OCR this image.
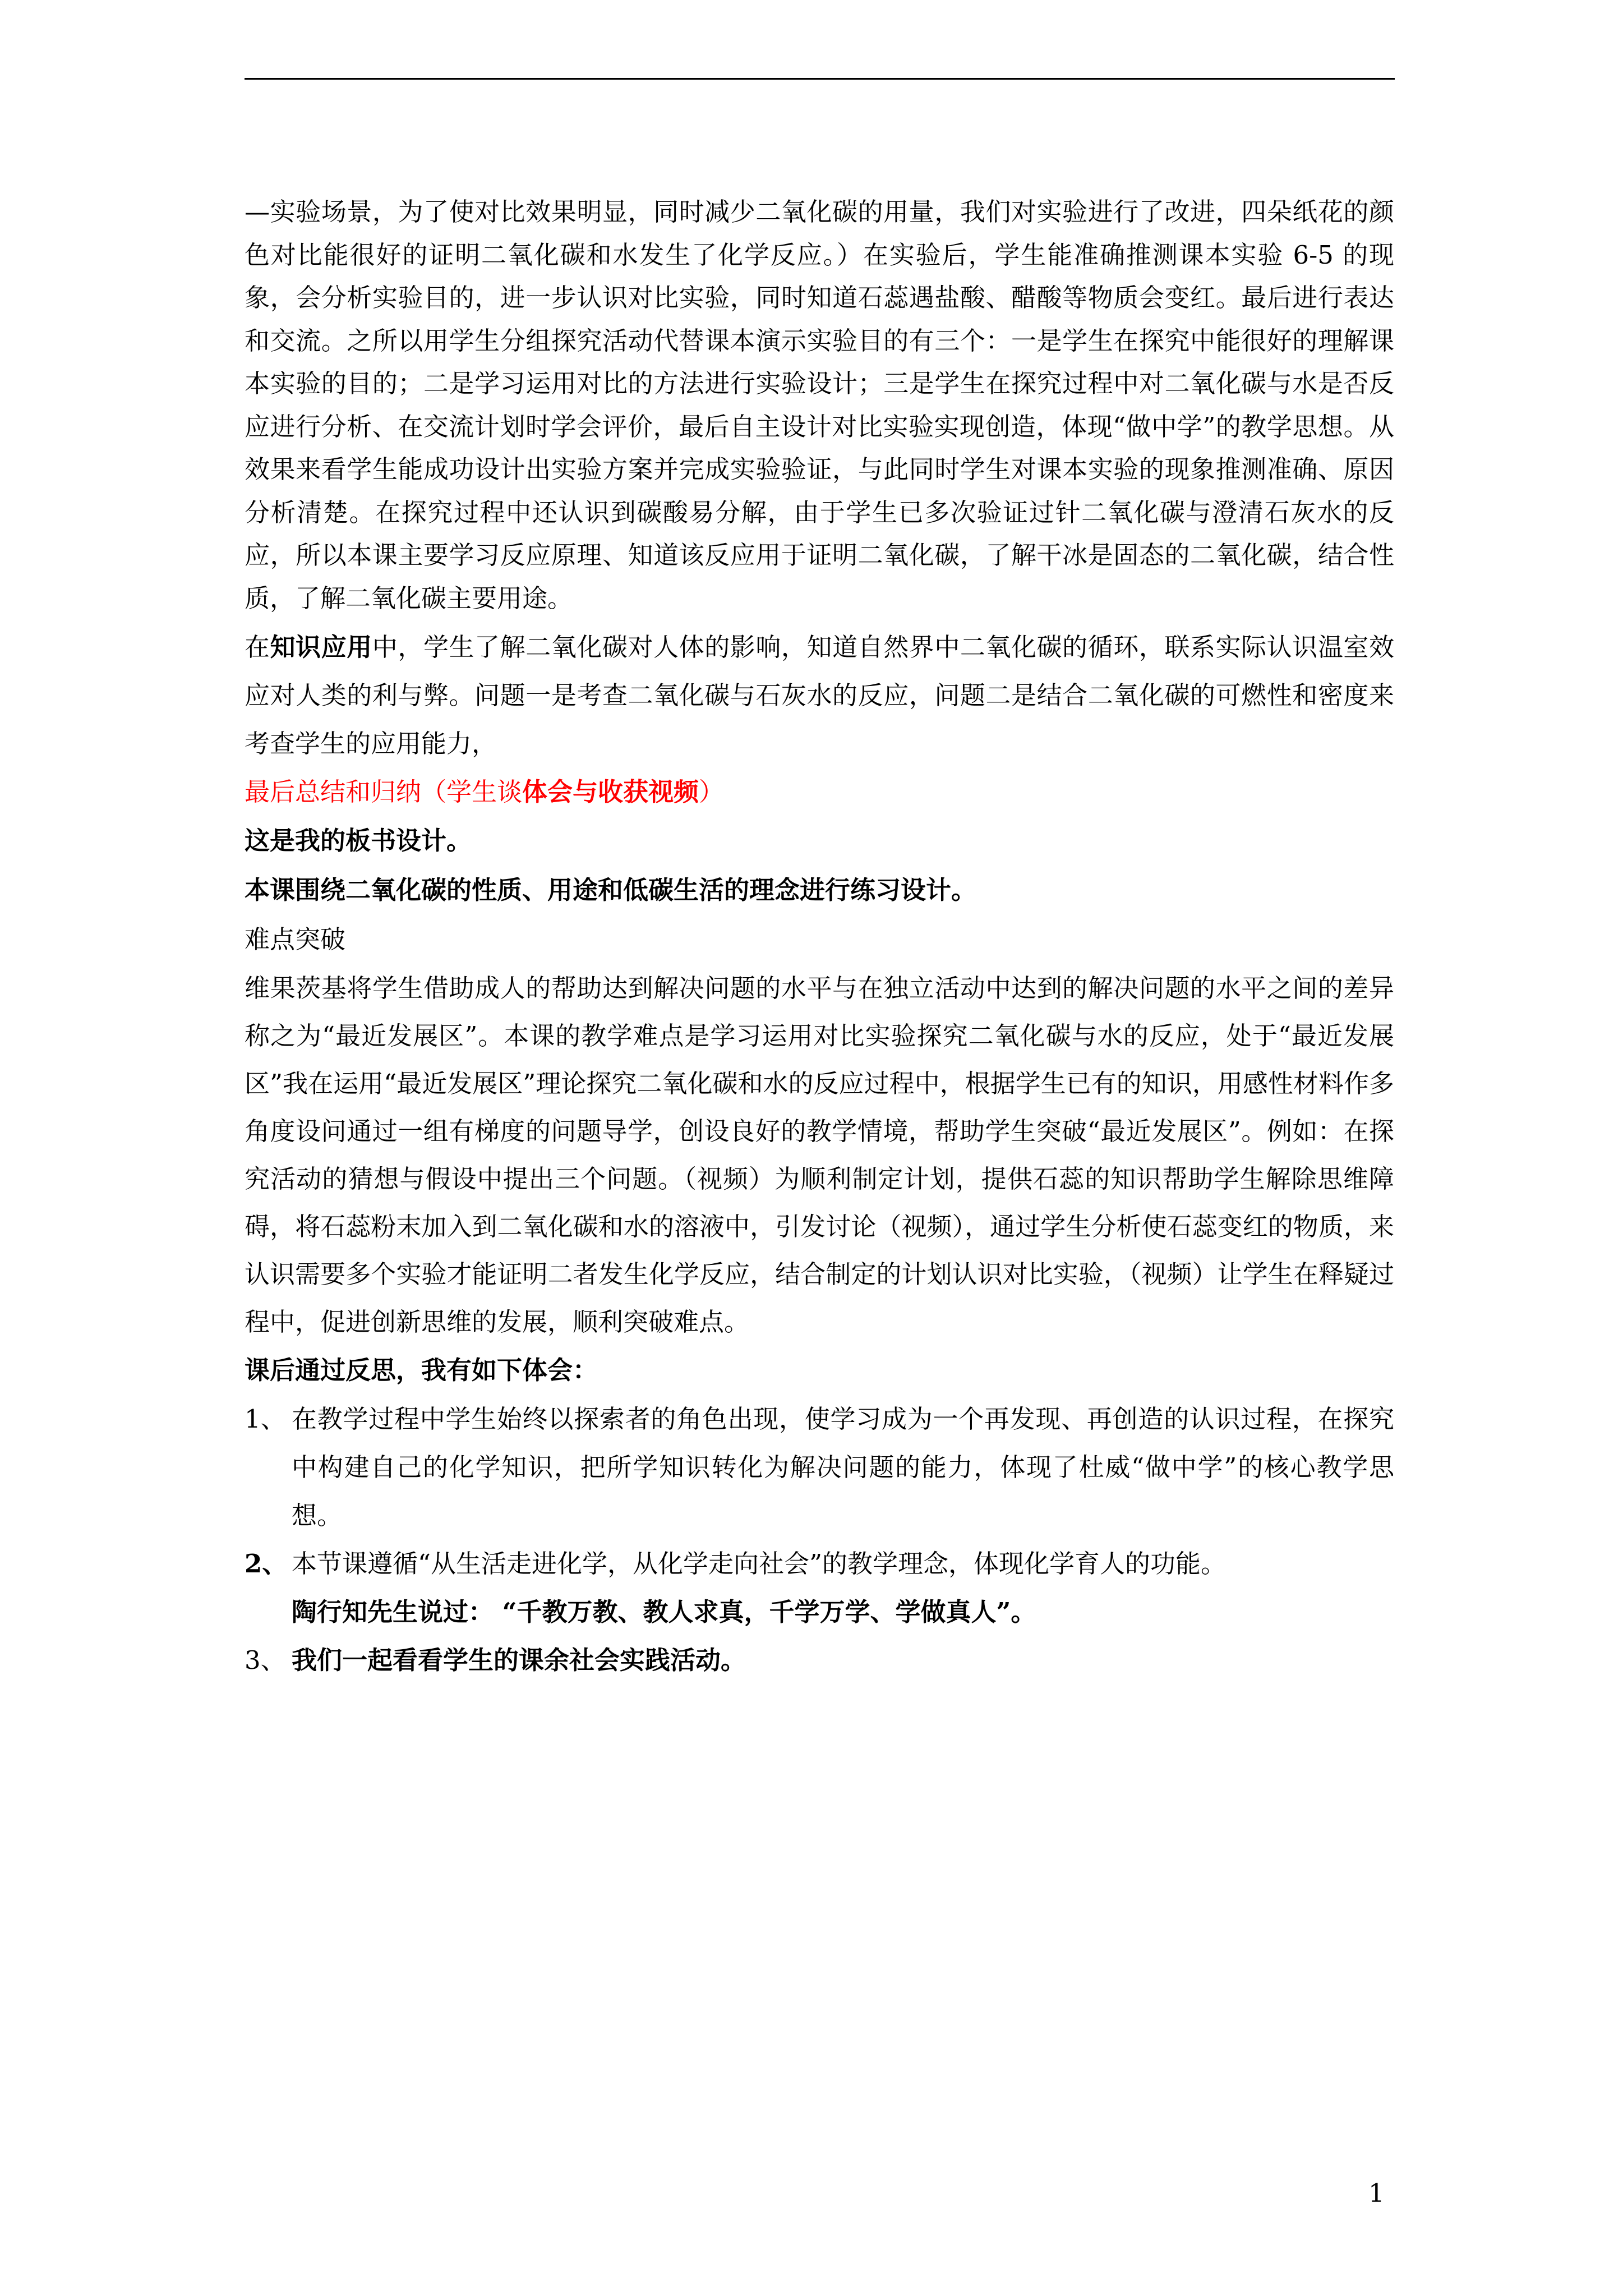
—实验场景，为了使对比效果明显，同时减少二氧化碳的用量，我们对实验进行了改进，四朵纸花的颜色对比能很好的证明二氧化碳和水发生了化学反应。）在实验后，学生能准确推测课本实验 6-5 的现象，会分析实验目的，进一步认识对比实验，同时知道石蕊遇盐酸、醋酸等物质会变红。最后进行表达和交流。之所以用学生分组探究活动代替课本演示实验目的有三个：一是学生在探究中能很好的理解课本实验的目的；二是学习运用对比的方法进行实验设计；三是学生在探究过程中对二氧化碳与水是否反应进行分析、在交流计划时学会评价，最后自主设计对比实验实现创造，体现“做中学”的教学思想。从效果来看学生能成功设计出实验方案并完成实验验证，与此同时学生对课本实验的现象推测准确、原因分析清楚。在探究过程中还认识到碳酸易分解，由于学生已多次验证过针二氧化碳与澄清石灰水的反应，所以本课主要学习反应原理、知道该反应用于证明二氧化碳，了解干冰是固态的二氧化碳，结合性质，了解二氧化碳主要用途。

在知识应用中，学生了解二氧化碳对人体的影响，知道自然界中二氧化碳的循环，联系实际认识温室效应对人类的利与弊。问题一是考查二氧化碳与石灰水的反应，问题二是结合二氧化碳的可燃性和密度来考查学生的应用能力，

最后总结和归纳（学生谈体会与收获视频）

这是我的板书设计。

本课围绕二氧化碳的性质、用途和低碳生活的理念进行练习设计。

难点突破

维果茨基将学生借助成人的帮助达到解决问题的水平与在独立活动中达到的解决问题的水平之间的差异称之为“最近发展区”。本课的教学难点是学习运用对比实验探究二氧化碳与水的反应，处于“最近发展区”我在运用“最近发展区”理论探究二氧化碳和水的反应过程中，根据学生已有的知识，用感性材料作多角度设问通过一组有梯度的问题导学，创设良好的教学情境，帮助学生突破“最近发展区”。例如：在探究活动的猜想与假设中提出三个问题。（视频）为顺利制定计划，提供石蕊的知识帮助学生解除思维障碍，将石蕊粉末加入到二氧化碳和水的溶液中，引发讨论（视频），通过学生分析使石蕊变红的物质，来认识需要多个实验才能证明二者发生化学反应，结合制定的计划认识对比实验，（视频）让学生在释疑过程中，促进创新思维的发展，顺利突破难点。

课后通过反思，我有如下体会：

1、 在教学过程中学生始终以探索者的角色出现，使学习成为一个再发现、再创造的认识过程，在探究中构建自己的化学知识，把所学知识转化为解决问题的能力，体现了杜威“做中学”的核心教学思想。
2、 本节课遵循“从生活走进化学，从化学走向社会”的教学理念，体现化学育人的功能。
陶行知先生说过： “千教万教、教人求真，千学万学、学做真人”。
3、 我们一起看看学生的课余社会实践活动。
1
